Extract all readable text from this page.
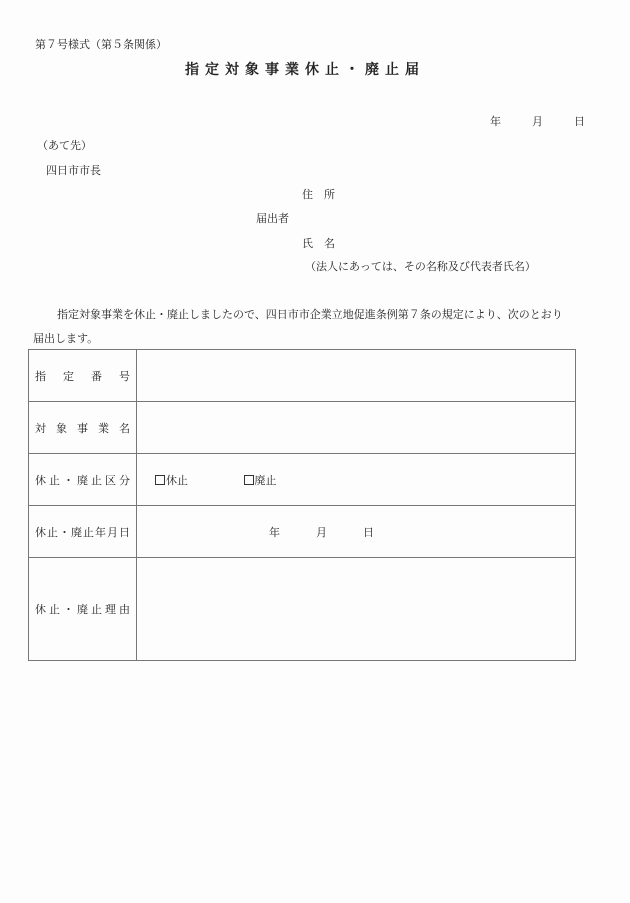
第７号様式（第５条関係）
指定対象事業休止・廃止届
年	月	日
（あて先）
四日市市長
住　所
届出者
氏　名
（法人にあっては、その名称及び代表者氏名）
　指定対象事業を休止・廃止しましたので、四日市市企業立地促進条例第７条の規定により、次のとおり
届出します。
指定番号	
対象事業名	
休止・廃止区分	休止 廃止
休止・廃止年月日	年 月 日
休止・廃止理由	
